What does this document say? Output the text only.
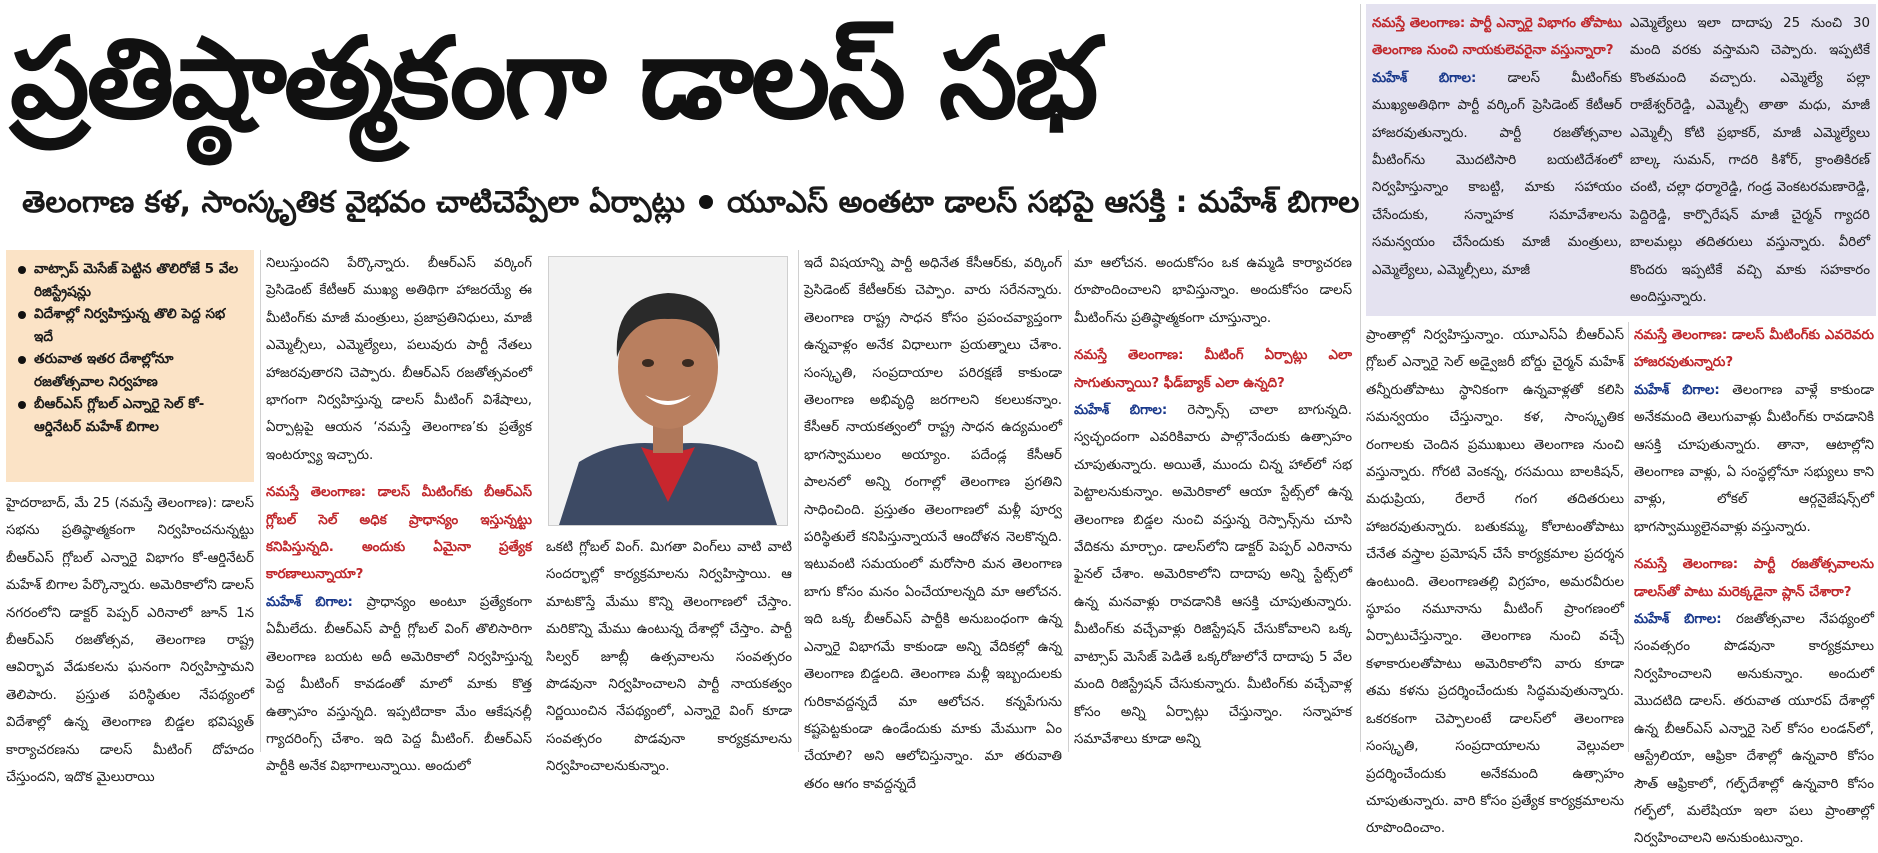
ప్రతిష్ఠాత్మకంగా డాలస్ సభ
తెలంగాణ కళ, సాంస్కృతిక వైభవం చాటిచెప్పేలా ఏర్పాట్లు యూఎస్ అంతటా డాలస్ సభపై ఆసక్తి : మహేశ్ బిగాల
వాట్సాప్ మెసేజ్ పెట్టిన తొలిరోజే 5 వేల రిజిస్ట్రేషన్లు
విదేశాల్లో నిర్వహిస్తున్న తొలి పెద్ద సభ ఇదే
తరువాత ఇతర దేశాల్లోనూ రజతోత్సవాల నిర్వహణ
బీఆర్ఎస్ గ్లోబల్ ఎన్నారై సెల్ కో-ఆర్డినేటర్ మహేశ్ బిగాల

హైదరాబాద్, మే 25 (నమస్తే తెలంగాణ): డాలస్ సభను ప్రతిష్ఠాత్మకంగా నిర్వహించనున్నట్టు బీఆర్ఎస్ గ్లోబల్ ఎన్నారై విభాగం కో-ఆర్డినేటర్ మహేశ్ బిగాల పేర్కొన్నారు. అమెరికాలోని డాలస్ నగరంలోని డాక్టర్ పెప్పర్ ఎరినాలో జూన్ 1న బీఆర్ఎస్ రజతోత్సవ, తెలంగాణ రాష్ట్ర ఆవిర్భావ వేడుకలను ఘనంగా నిర్వహిస్తామని తెలిపారు. ప్రస్తుత పరిస్థితుల నేపథ్యంలో విదేశాల్లో ఉన్న తెలంగాణ బిడ్డల భవిష్యత్ కార్యాచరణను డాలస్ మీటింగ్ దోహదం చేస్తుందని, ఇదొక మైలురాయి

నిలుస్తుందని పేర్కొన్నారు. బీఆర్ఎస్ వర్కింగ్ ప్రెసిడెంట్ కేటీఆర్ ముఖ్య అతిథిగా హాజరయ్యే ఈ మీటింగ్‌కు మాజీ మంత్రులు, ప్రజాప్రతినిధులు, మాజీ ఎమ్మెల్సీలు, ఎమ్మెల్యేలు, పలువురు పార్టీ నేతలు హాజరవుతారని చెప్పారు. బీఆర్ఎస్ రజతోత్సవంలో భాగంగా నిర్వహిస్తున్న డాలస్ మీటింగ్ విశేషాలు, ఏర్పాట్లపై ఆయన ‘నమస్తే తెలంగాణ’కు ప్రత్యేక ఇంటర్వ్యూ ఇచ్చారు.

నమస్తే తెలంగాణ: డాలస్ మీటింగ్‌కు బీఆర్ఎస్ గ్లోబల్ సెల్ అధిక ప్రాధాన్యం ఇస్తున్నట్టు కనిపిస్తున్నది. అందుకు ఏమైనా ప్రత్యేక కారణాలున్నాయా?

మహేశ్ బిగాల: ప్రాధాన్యం అంటూ ప్రత్యేకంగా ఏమీలేదు. బీఆర్ఎస్ పార్టీ గ్లోబల్ వింగ్ తొలిసారిగా తెలంగాణ బయట అదీ అమెరికాలో నిర్వహిస్తున్న పెద్ద మీటింగ్ కావడంతో మాలో మాకు కొత్త ఉత్సాహం వస్తున్నది. ఇప్పటిదాకా మేం ఆకేషనల్లీ గ్యాదరింగ్స్ చేశాం. ఇది పెద్ద మీటింగ్. బీఆర్ఎస్ పార్టీకి అనేక విభాగాలున్నాయి. అందులో

ఒకటి గ్లోబల్ వింగ్. మిగతా వింగ్‌లు వాటి వాటి సందర్భాల్లో కార్యక్రమాలను నిర్వహిస్తాయి. ఆ మాటకొస్తే మేము కొన్ని తెలంగాణలో చేస్తాం. మరికొన్ని మేము ఉంటున్న దేశాల్లో చేస్తాం. పార్టీ సిల్వర్ జూబ్లీ ఉత్సవాలను సంవత్సరం పొడవునా నిర్వహించాలని పార్టీ నాయకత్వం నిర్ణయించిన నేపథ్యంలో, ఎన్నారై వింగ్ కూడా సంవత్సరం పొడవునా కార్యక్రమాలను నిర్వహించాలనుకున్నాం.

ఇదే విషయాన్ని పార్టీ అధినేత కేసీఆర్‌కు, వర్కింగ్ ప్రెసిడెంట్ కేటీఆర్‌కు చెప్పాం. వారు సరేనన్నారు. తెలంగాణ రాష్ట్ర సాధన కోసం ప్రపంచవ్యాప్తంగా ఉన్నవాళ్లం అనేక విధాలుగా ప్రయత్నాలు చేశాం. సంస్కృతి, సంప్రదాయాల పరిరక్షణే కాకుండా తెలంగాణ అభివృద్ధి జరగాలని కలలుకన్నాం. కేసీఆర్ నాయకత్వంలో రాష్ట్ర సాధన ఉద్యమంలో భాగస్వాములం అయ్యాం. పదేండ్ల కేసీఆర్ పాలనలో అన్ని రంగాల్లో తెలంగాణ ప్రగతిని సాధించింది. ప్రస్తుతం తెలంగాణలో మళ్లీ పూర్వ పరిస్థితులే కనిపిస్తున్నాయనే ఆందోళన నెలకొన్నది. ఇటువంటి సమయంలో మరోసారి మన తెలంగాణ బాగు కోసం మనం ఏంచేయాలన్నది మా ఆలోచన. ఇది ఒక్క బీఆర్ఎస్ పార్టీకి అనుబంధంగా ఉన్న ఎన్నారై విభాగమే కాకుండా అన్ని వేదికల్లో ఉన్న తెలంగాణ బిడ్డలది. తెలంగాణ మళ్లీ ఇబ్బందులకు గురికావద్దన్నదే మా ఆలోచన. కన్నపేగును కష్టపెట్టకుండా ఉండేందుకు మాకు మేముగా ఏం చేయాలి? అని ఆలోచిస్తున్నాం. మా తరువాతి తరం ఆగం కావద్దన్నదే

మా ఆలోచన. అందుకోసం ఒక ఉమ్మడి కార్యాచరణ రూపొందించాలని భావిస్తున్నాం. అందుకోసం డాలస్ మీటింగ్‌ను ప్రతిష్ఠాత్మకంగా చూస్తున్నాం.

నమస్తే తెలంగాణ: మీటింగ్ ఏర్పాట్లు ఎలా సాగుతున్నాయి? ఫీడ్‌బ్యాక్ ఎలా ఉన్నది?

మహేశ్ బిగాల: రెస్పాన్స్ చాలా బాగున్నది. స్వచ్ఛందంగా ఎవరికివారు పాల్గొనేందుకు ఉత్సాహం చూపుతున్నారు. అయితే, ముందు చిన్న హాల్‌లో సభ పెట్టాలనుకున్నాం. అమెరికాలో ఆయా స్టేట్స్‌లో ఉన్న తెలంగాణ బిడ్డల నుంచి వస్తున్న రెస్పాన్స్‌ను చూసి వేదికను మార్చాం. డాలస్‌లోని డాక్టర్ పెప్పర్ ఎరినాను ఫైనల్ చేశాం. అమెరికాలోని దాదాపు అన్ని స్టేట్స్‌లో ఉన్న మనవాళ్లు రావడానికి ఆసక్తి చూపుతున్నారు. మీటింగ్‌కు వచ్చేవాళ్లు రిజిస్ట్రేషన్ చేసుకోవాలని ఒక్క వాట్సాప్ మెసేజ్ పెడితే ఒక్కరోజులోనే దాదాపు 5 వేల మంది రిజిస్ట్రేషన్ చేసుకున్నారు. మీటింగ్‌కు వచ్చేవాళ్ల కోసం అన్ని ఏర్పాట్లు చేస్తున్నాం. సన్నాహక సమావేశాలు కూడా అన్ని

నమస్తే తెలంగాణ: పార్టీ ఎన్నారై విభాగం తోపాటు తెలంగాణ నుంచి నాయకులెవరైనా వస్తున్నారా?

మహేశ్ బిగాల: డాలస్ మీటింగ్‌కు ముఖ్యఅతిథిగా పార్టీ వర్కింగ్ ప్రెసిడెంట్ కేటీఆర్ హాజరవుతున్నారు. పార్టీ రజతోత్సవాల మీటింగ్‌ను మొదటిసారి బయటిదేశంలో నిర్వహిస్తున్నాం కాబట్టి, మాకు సహాయం చేసేందుకు, సన్నాహక సమావేశాలను సమన్వయం చేసేందుకు మాజీ మంత్రులు, ఎమ్మెల్యేలు, ఎమ్మెల్సీలు, మాజీ

ఎమ్మెల్యేలు ఇలా దాదాపు 25 నుంచి 30 మంది వరకు వస్తామని చెప్పారు. ఇప్పటికే కొంతమంది వచ్చారు. ఎమ్మెల్యే పల్లా రాజేశ్వర్‌రెడ్డి, ఎమ్మెల్సీ తాతా మధు, మాజీ ఎమ్మెల్సీ కోటి ప్రభాకర్, మాజీ ఎమ్మెల్యేలు బాల్క సుమన్, గాదరి కిశోర్, క్రాంతికిరణ్ చంటి, చల్లా ధర్మారెడ్డి, గండ్ర వెంకటరమణారెడ్డి, పెద్దిరెడ్డి, కార్పొరేషన్ మాజీ చైర్మన్ గ్యాదరి బాలమల్లు తదితరులు వస్తున్నారు. వీరిలో కొందరు ఇప్పటికే వచ్చి మాకు సహకారం అందిస్తున్నారు.

ప్రాంతాల్లో నిర్వహిస్తున్నాం. యూఎస్‌ఏ బీఆర్ఎస్ గ్లోబల్ ఎన్నారై సెల్ అడ్వైజరీ బోర్డు చైర్మన్ మహేశ్ తన్నీరుతోపాటు స్థానికంగా ఉన్నవాళ్లతో కలిసి సమన్వయం చేస్తున్నాం. కళ, సాంస్కృతిక రంగాలకు చెందిన ప్రముఖులు తెలంగాణ నుంచి వస్తున్నారు. గోరటి వెంకన్న, రసమయి బాలకిషన్, మధుప్రియ, రేలారే గంగ తదితరులు హాజరవుతున్నారు. బతుకమ్మ, కోలాటంతోపాటు చేనేత వస్త్రాల ప్రమోషన్ చేసే కార్యక్రమాల ప్రదర్శన ఉంటుంది. తెలంగాణతల్లి విగ్రహం, అమరవీరుల స్థూపం నమూనాను మీటింగ్ ప్రాంగణంలో ఏర్పాటుచేస్తున్నాం. తెలంగాణ నుంచి వచ్చే కళాకారులతోపాటు అమెరికాలోని వారు కూడా తమ కళను ప్రదర్శించేందుకు సిద్ధమవుతున్నారు. ఒకరకంగా చెప్పాలంటే డాలస్‌లో తెలంగాణ సంస్కృతి, సంప్రదాయాలను వెల్లువలా ప్రదర్శించేందుకు అనేకమంది ఉత్సాహం చూపుతున్నారు. వారి కోసం ప్రత్యేక కార్యక్రమాలను రూపొందించాం.

నమస్తే తెలంగాణ: డాలస్ మీటింగ్‌కు ఎవరెవరు హాజరవుతున్నారు?

మహేశ్ బిగాల: తెలంగాణ వాళ్లే కాకుండా అనేకమంది తెలుగువాళ్లు మీటింగ్‌కు రావడానికి ఆసక్తి చూపుతున్నారు. తానా, ఆటాల్లోని తెలంగాణ వాళ్లు, ఏ సంస్థల్లోనూ సభ్యులు కాని వాళ్లు, లోకల్ ఆర్గనైజేషన్స్‌లో భాగస్వామ్యులైనవాళ్లు వస్తున్నారు.

నమస్తే తెలంగాణ: పార్టీ రజతోత్సవాలను డాలస్‌తో పాటు మరెక్కడైనా ప్లాన్ చేశారా?

మహేశ్ బిగాల: రజతోత్సవాల నేపథ్యంలో సంవత్సరం పొడవునా కార్యక్రమాలు నిర్వహించాలని అనుకున్నాం. అందులో మొదటిది డాలస్. తరువాత యూరప్ దేశాల్లో ఉన్న బీఆర్ఎస్ ఎన్నారై సెల్ కోసం లండన్‌లో, ఆస్ట్రేలియా, ఆఫ్రికా దేశాల్లో ఉన్నవారి కోసం సౌత్ ఆఫ్రికాలో, గల్ఫ్‌దేశాల్లో ఉన్నవారి కోసం గల్ఫ్‌లో, మలేషియా ఇలా పలు ప్రాంతాల్లో నిర్వహించాలని అనుకుంటున్నాం.
